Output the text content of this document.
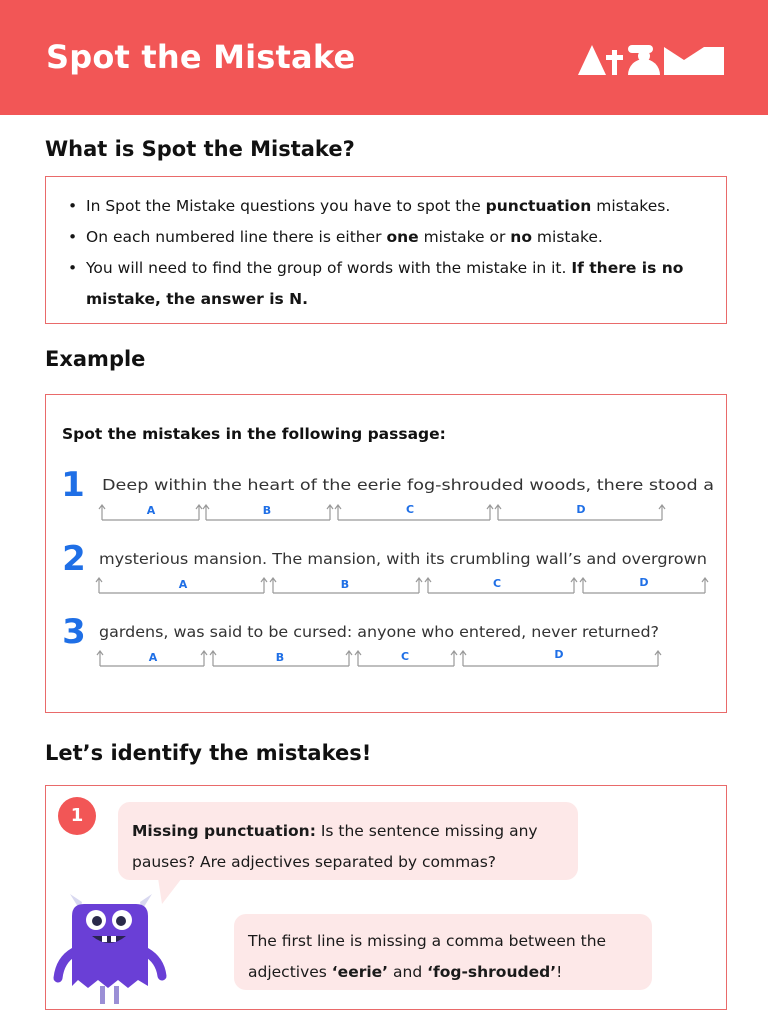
Spot the Mistake
What is Spot the Mistake?
• In Spot the Mistake questions you have to spot the punctuation mistakes.
• On each numbered line there is either one mistake or no mistake.
• You will need to find the group of words with the mistake in it. If there is no mistake, the answer is N.
Example
Spot the mistakes in the following passage:
1 Deep within the heart of the eerie fog-shrouded woods, there stood a
2 mysterious mansion. The mansion, with its crumbling wall’s and overgrown
3 gardens, was said to be cursed: anyone who entered, never returned?
A	B	C	D
A	B	C	D
A	B	C	D
Let’s identify the mistakes!
1
Missing punctuation: Is the sentence missing any pauses? Are adjectives separated by commas?
The first line is missing a comma between the adjectives ‘eerie’ and ‘fog-shrouded’!
